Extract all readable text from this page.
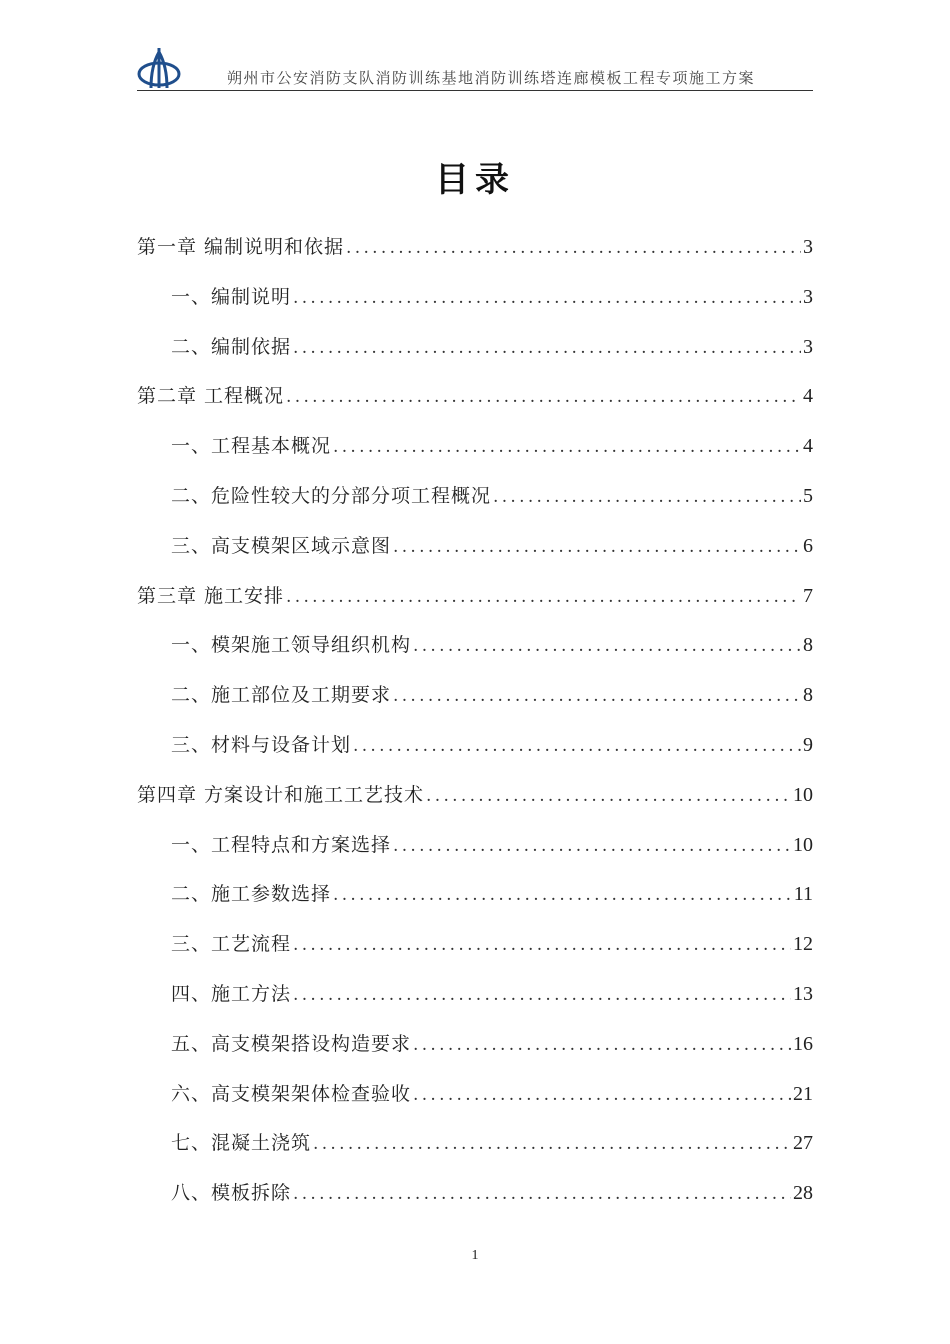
朔州市公安消防支队消防训练基地消防训练塔连廊模板工程专项施工方案
目录
第一章 编制说明和依据 .....	3
一、编制说明 .....	3
二、编制依据 .....	3
第二章 工程概况 .....	4
一、工程基本概况 .....	4
二、危险性较大的分部分项工程概况 .....	5
三、高支模架区域示意图 .....	6
第三章 施工安排 .....	7
一、模架施工领导组织机构 .....	8
二、施工部位及工期要求 .....	8
三、材料与设备计划 .....	9
第四章 方案设计和施工工艺技术 .....	10
一、工程特点和方案选择 .....	10
二、施工参数选择 .....	11
三、工艺流程 .....	12
四、施工方法 .....	13
五、高支模架搭设构造要求 .....	16
六、高支模架架体检查验收 .....	21
七、混凝土浇筑 .....	27
八、模板拆除 .....	28
1
